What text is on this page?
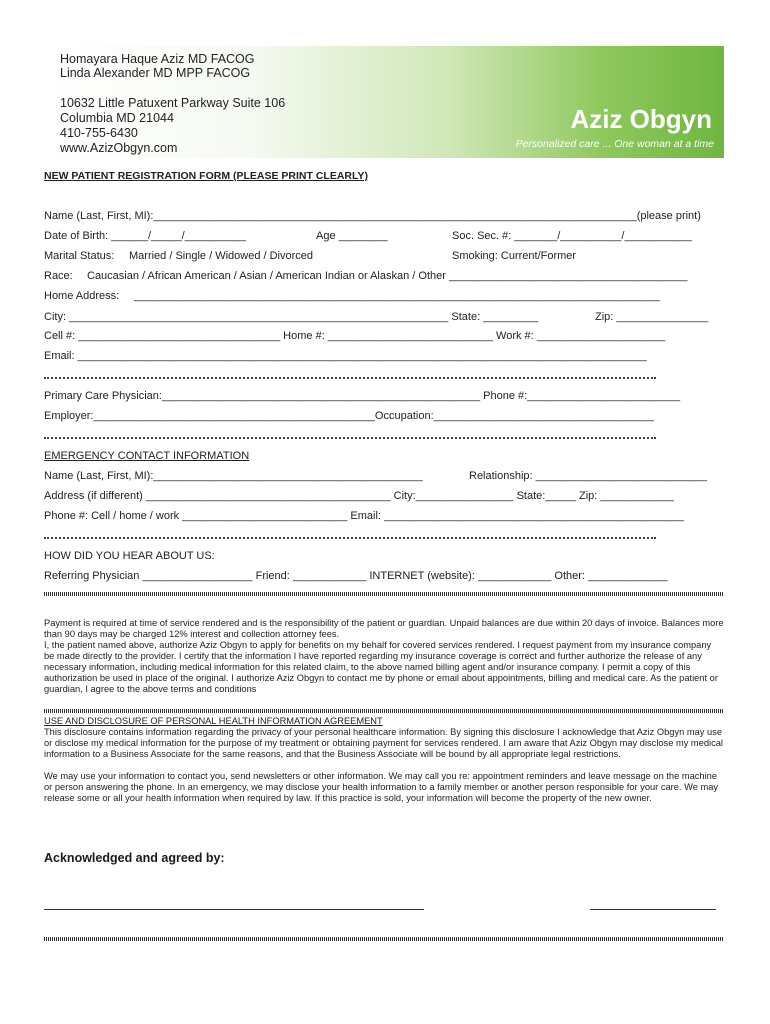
Homayara Haque Aziz MD FACOG
Linda Alexander MD MPP FACOG
10632 Little Patuxent Parkway Suite 106
Columbia MD 21044
410-755-6430
www.AzizObgyn.com
Aziz Obgyn
Personalized care ... One woman at a time
NEW PATIENT REGISTRATION FORM (PLEASE PRINT CLEARLY)
Name (Last, First, MI):_______________________________________________________________________________(please print)
Date of Birth: ______/_____/__________	Age ________	Soc. Sec. #: _______/__________/___________
Marital Status: Married / Single / Widowed / Divorced	Smoking: Current/Former
Race: Caucasian / African American / Asian / American Indian or Alaskan / Other _______________________________________
Home Address: ______________________________________________________________________________________
City: ______________________________________________________________ State: _________	Zip: _______________
Cell #: _________________________________ Home #: ___________________________ Work #: _____________________
Email: _____________________________________________________________________________________________
Primary Care Physician:____________________________________________________ Phone #:_________________________
Employer:______________________________________________Occupation:____________________________________
EMERGENCY CONTACT INFORMATION
Name (Last, First, MI):____________________________________________	Relationship: ____________________________
Address (if different) ________________________________________ City:________________ State:_____ Zip: ____________
Phone #: Cell / home / work ___________________________ Email: _________________________________________________
HOW DID YOU HEAR ABOUT US:
Referring Physician __________________ Friend: ____________ INTERNET (website): ____________ Other: _____________

Payment is required at time of service rendered and is the responsibility of the patient or guardian. Unpaid balances are due within 20 days of invoice. Balances more than 90 days may be charged 12% interest and collection attorney fees.

I, the patient named above, authorize Aziz Obgyn to apply for benefits on my behalf for covered services rendered. I request payment from my insurance company be made directly to the provider. I certify that the information I have reported regarding my insurance coverage is correct and further authorize the release of any necessary information, including medical information for this related claim, to the above named billing agent and/or insurance company. I permit a copy of this authorization be used in place of the original. I authorize Aziz Obgyn to contact me by phone or email about appointments, billing and medical care. As the patient or guardian, I agree to the above terms and conditions

USE AND DISCLOSURE OF PERSONAL HEALTH INFORMATION AGREEMENT

This disclosure contains information regarding the privacy of your personal healthcare information. By signing this disclosure I acknowledge that Aziz Obgyn may use or disclose my medical information for the purpose of my treatment or obtaining payment for services rendered. I am aware that Aziz Obgyn may disclose my medical information to a Business Associate for the same reasons, and that the Business Associate will be bound by all appropriate legal restrictions.

We may use your information to contact you, send newsletters or other information. We may call you re: appointment reminders and leave message on the machine or person answering the phone. In an emergency, we may disclose your health information to a family member or another person responsible for your care. We may release some or all your health information when required by law. If this practice is sold, your information will become the property of the new owner.

Acknowledged and agreed by:
